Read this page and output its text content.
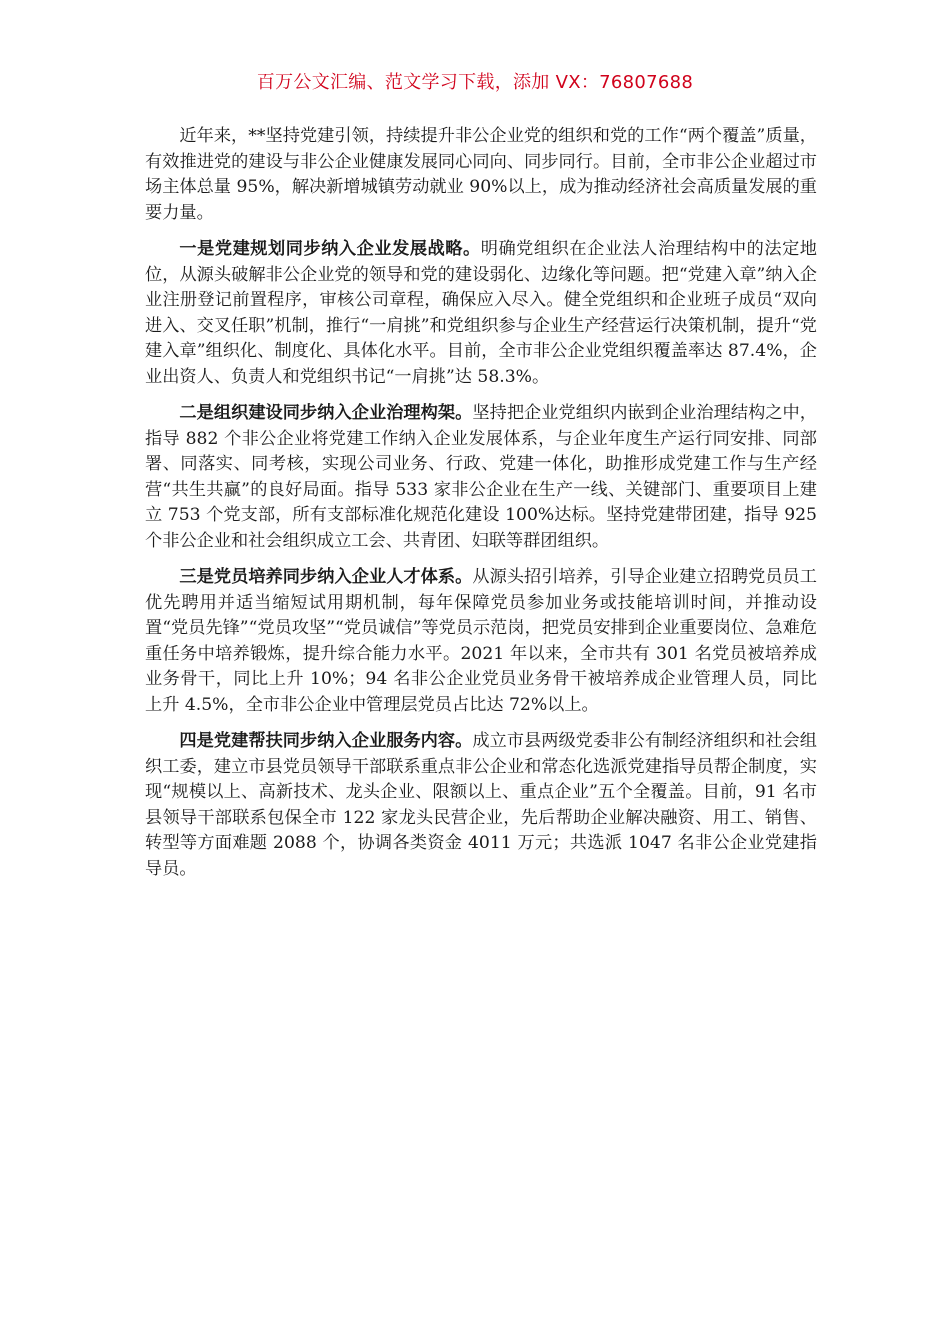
百万公文汇编、范文学习下载，添加 VX：76807688

近年来，**坚持党建引领，持续提升非公企业党的组织和党的工作“两个覆盖”质量，有效推进党的建设与非公企业健康发展同心同向、同步同行。目前，全市非公企业超过市场主体总量 95%，解决新增城镇劳动就业 90%以上，成为推动经济社会高质量发展的重要力量。

一是党建规划同步纳入企业发展战略。明确党组织在企业法人治理结构中的法定地位，从源头破解非公企业党的领导和党的建设弱化、边缘化等问题。把“党建入章”纳入企业注册登记前置程序，审核公司章程，确保应入尽入。健全党组织和企业班子成员“双向进入、交叉任职”机制，推行“一肩挑”和党组织参与企业生产经营运行决策机制，提升“党建入章”组织化、制度化、具体化水平。目前，全市非公企业党组织覆盖率达 87.4%，企业出资人、负责人和党组织书记“一肩挑”达 58.3%。

二是组织建设同步纳入企业治理构架。坚持把企业党组织内嵌到企业治理结构之中，指导 882 个非公企业将党建工作纳入企业发展体系，与企业年度生产运行同安排、同部署、同落实、同考核，实现公司业务、行政、党建一体化，助推形成党建工作与生产经营“共生共赢”的良好局面。指导 533 家非公企业在生产一线、关键部门、重要项目上建立 753 个党支部，所有支部标准化规范化建设 100%达标。坚持党建带团建，指导 925 个非公企业和社会组织成立工会、共青团、妇联等群团组织。

三是党员培养同步纳入企业人才体系。从源头招引培养，引导企业建立招聘党员员工优先聘用并适当缩短试用期机制，每年保障党员参加业务或技能培训时间，并推动设置“党员先锋”“党员攻坚”“党员诚信”等党员示范岗，把党员安排到企业重要岗位、急难危重任务中培养锻炼，提升综合能力水平。2021 年以来，全市共有 301 名党员被培养成业务骨干，同比上升 10%；94 名非公企业党员业务骨干被培养成企业管理人员，同比上升 4.5%，全市非公企业中管理层党员占比达 72%以上。

四是党建帮扶同步纳入企业服务内容。成立市县两级党委非公有制经济组织和社会组织工委，建立市县党员领导干部联系重点非公企业和常态化选派党建指导员帮企制度，实现“规模以上、高新技术、龙头企业、限额以上、重点企业”五个全覆盖。目前，91 名市县领导干部联系包保全市 122 家龙头民营企业，先后帮助企业解决融资、用工、销售、转型等方面难题 2088 个，协调各类资金 4011 万元；共选派 1047 名非公企业党建指导员。
